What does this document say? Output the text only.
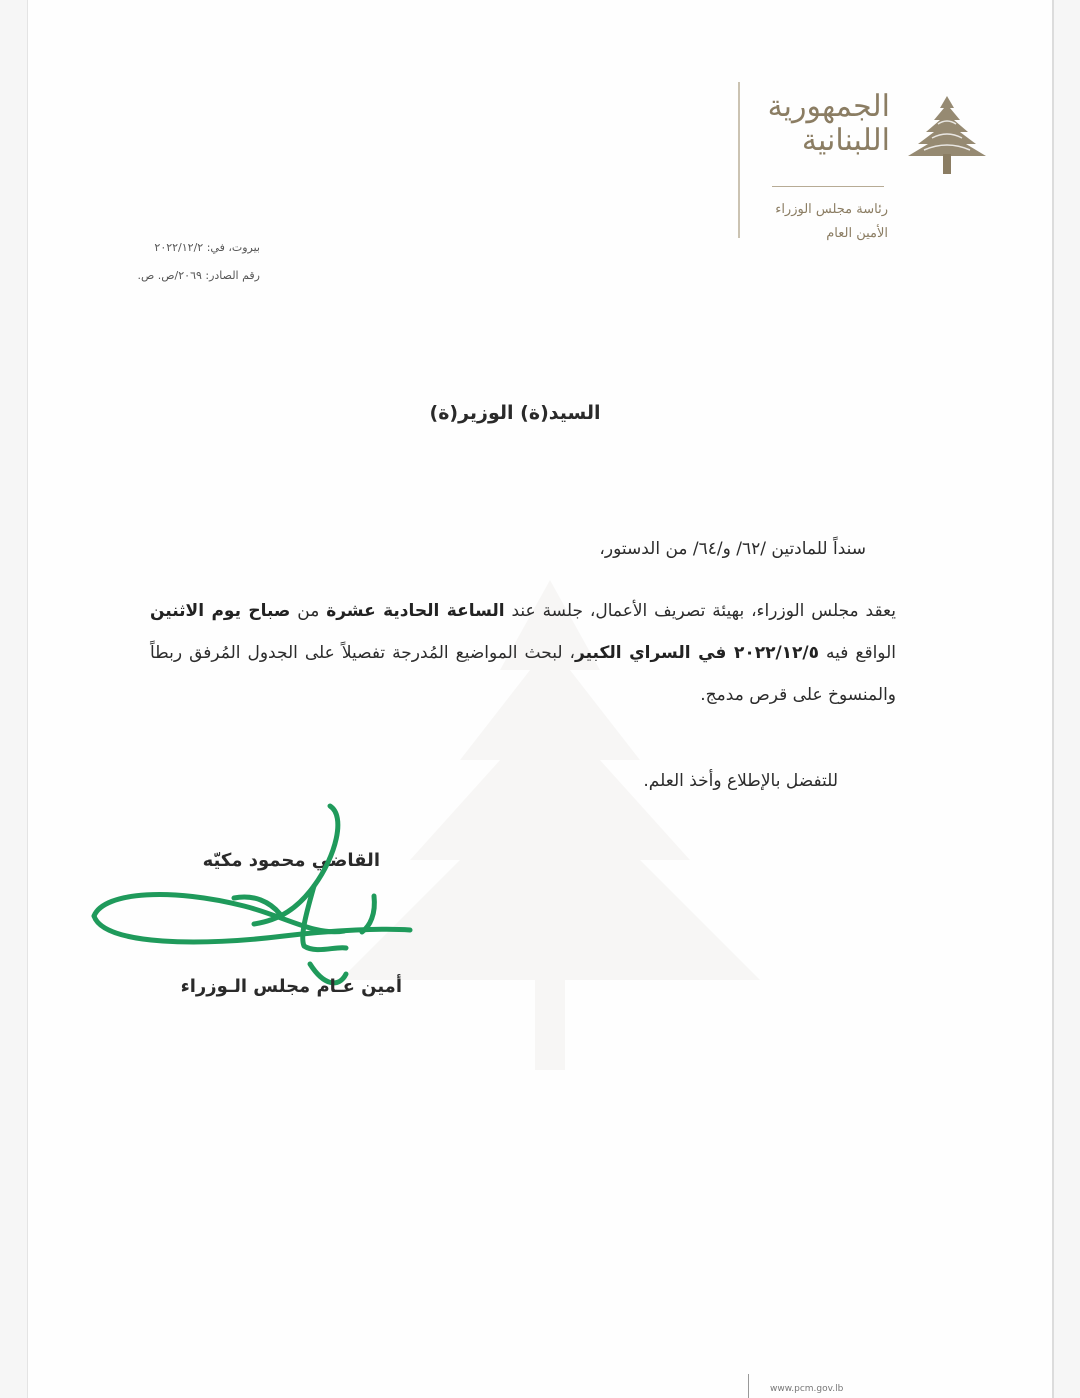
الجمهورية
اللبنانية
رئاسة مجلس الوزراء
الأمين العام
بيروت، في: ٢٠٢٢/١٢/٢
رقم الصادر: ٢٠٦٩/ص. ص.
السيد(ة) الوزير(ة)
سنداً للمادتين /٦٢/ و/٦٤/ من الدستور،
يعقد مجلس الوزراء، بهيئة تصريف الأعمال، جلسة عند الساعة الحادية عشرة من صباح يوم الاثنين الواقع فيه ٢٠٢٢/١٢/٥ في السراي الكبير، لبحث المواضيع المُدرجة تفصيلاً على الجدول المُرفق ربطاً والمنسوخ على قرص مدمج.
للتفضل بالإطلاع وأخذ العلم.
القاضي محمود مكيّه
أمين عـام مجلس الـوزراء
www.pcm.gov.lb
